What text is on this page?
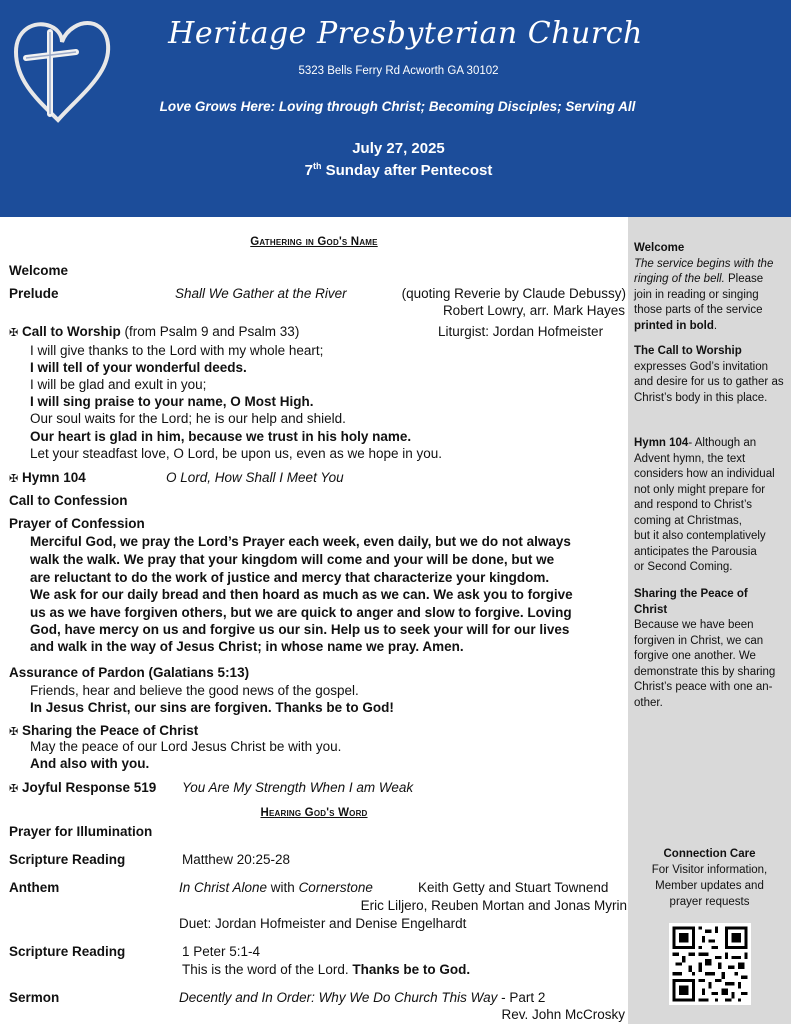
Heritage Presbyterian Church
5323 Bells Ferry Rd Acworth GA 30102
Love Grows Here: Loving through Christ; Becoming Disciples; Serving All
July 27, 2025
7th Sunday after Pentecost
Gathering in God's Name
Welcome
Prelude	Shall We Gather at the River	(quoting Reverie by Claude Debussy)
Robert Lowry, arr. Mark Hayes
✠ Call to Worship (from Psalm 9 and Psalm 33)	Liturgist: Jordan Hofmeister
I will give thanks to the Lord with my whole heart;
I will tell of your wonderful deeds.
I will be glad and exult in you;
I will sing praise to your name, O Most High.
Our soul waits for the Lord; he is our help and shield.
Our heart is glad in him, because we trust in his holy name.
Let your steadfast love, O Lord, be upon us, even as we hope in you.
✠ Hymn 104	O Lord, How Shall I Meet You
Call to Confession
Prayer of Confession
Merciful God, we pray the Lord’s Prayer each week, even daily, but we do not always
walk the walk. We pray that your kingdom will come and your will be done, but we
are reluctant to do the work of justice and mercy that characterize your kingdom.
We ask for our daily bread and then hoard as much as we can. We ask you to forgive
us as we have forgiven others, but we are quick to anger and slow to forgive. Loving
God, have mercy on us and forgive us our sin. Help us to seek your will for our lives
and walk in the way of Jesus Christ; in whose name we pray. Amen.
Assurance of Pardon (Galatians 5:13)
Friends, hear and believe the good news of the gospel.
In Jesus Christ, our sins are forgiven. Thanks be to God!
✠ Sharing the Peace of Christ
May the peace of our Lord Jesus Christ be with you.
And also with you.
✠ Joyful Response 519 You Are My Strength When I am Weak
Hearing God's Word
Prayer for Illumination
Scripture Reading	Matthew 20:25-28
Anthem	In Christ Alone with Cornerstone	Keith Getty and Stuart Townend
Eric Liljero, Reuben Mortan and Jonas Myrin
Duet: Jordan Hofmeister and Denise Engelhardt
Scripture Reading	1 Peter 5:1-4
This is the word of the Lord. Thanks be to God.
Sermon	Decently and In Order: Why We Do Church This Way - Part 2
Rev. John McCrosky
Welcome
The service begins with the ringing of the bell. Please join in reading or singing those parts of the service printed in bold.
The Call to Worship
expresses God’s invitation and desire for us to gather as Christ’s body in this place.
Hymn 104- Although an Advent hymn, the text considers how an individual not only might prepare for and respond to Christ’s coming at Christmas,
but it also contemplatively anticipates the Parousia
or Second Coming.
Sharing the Peace of Christ
Because we have been forgiven in Christ, we can forgive one another. We demonstrate this by sharing Christ’s peace with one an- other.
Connection Care
For Visitor information,
Member updates and
prayer requests
